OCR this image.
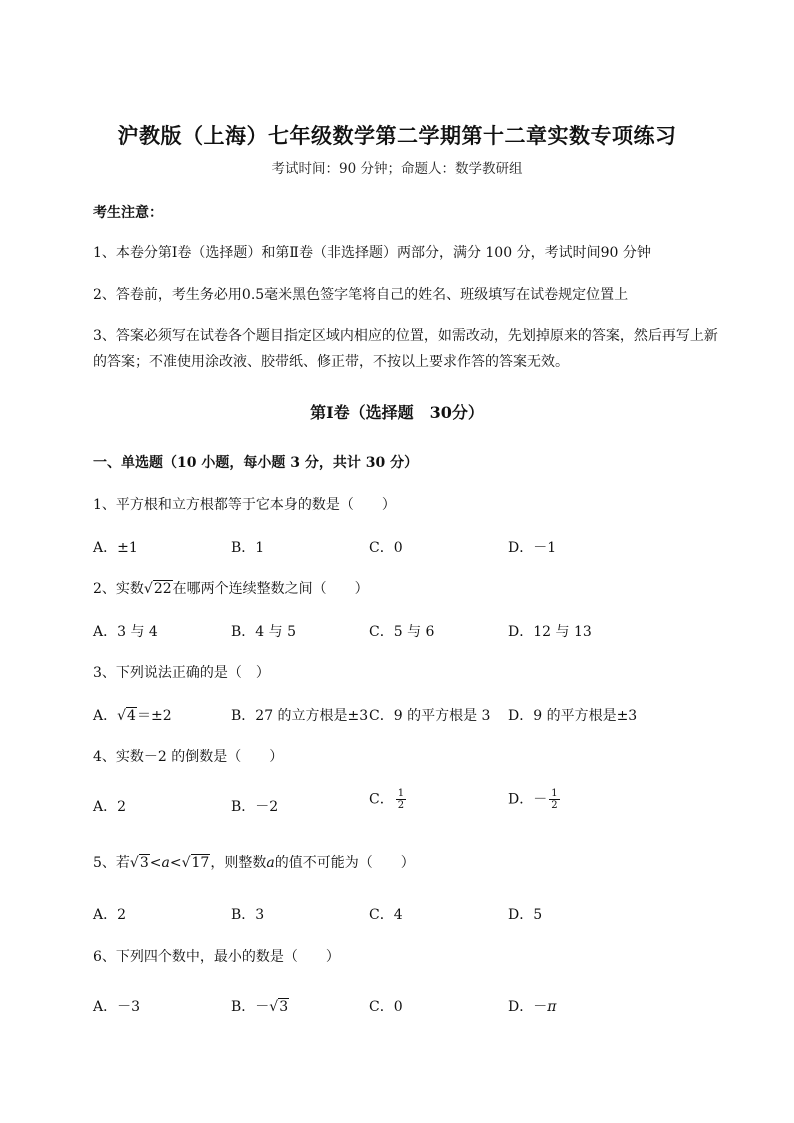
沪教版（上海）七年级数学第二学期第十二章实数专项练习
考试时间：90 分钟；命题人：数学教研组
考生注意：
1、本卷分第Ⅰ卷（选择题）和第Ⅱ卷（非选择题）两部分，满分 100 分，考试时间90 分钟
2、答卷前，考生务必用0.5毫米黑色签字笔将自己的姓名、班级填写在试卷规定位置上
3、答案必须写在试卷各个题目指定区域内相应的位置，如需改动，先划掉原来的答案，然后再写上新
的答案；不准使用涂改液、胶带纸、修正带，不按以上要求作答的答案无效。
第Ⅰ卷（选择题　30分）
一、单选题（10 小题，每小题 3 分，共计 30 分）
1、平方根和立方根都等于它本身的数是（　　）
A．±1	B．1	C．0	D．－1
2、实数√22在哪两个连续整数之间（　　）
A．3 与 4	B．4 与 5	C．5 与 6	D．12 与 13
3、下列说法正确的是（　）
A．√4＝±2	B．27 的立方根是±3 C．9 的平方根是 3 D．9 的平方根是±3
4、实数－2 的倒数是（　　）
A．2	B．－2	C． $\frac{1}{2}$	D．－ $\frac{1}{2}$
5、若√3<a<√17，则整数a的值不可能为（　　）
A．2	B．3	C．4	D．5
6、下列四个数中，最小的数是（　　）
A．－3	B．－√3	C．0	D．－π
